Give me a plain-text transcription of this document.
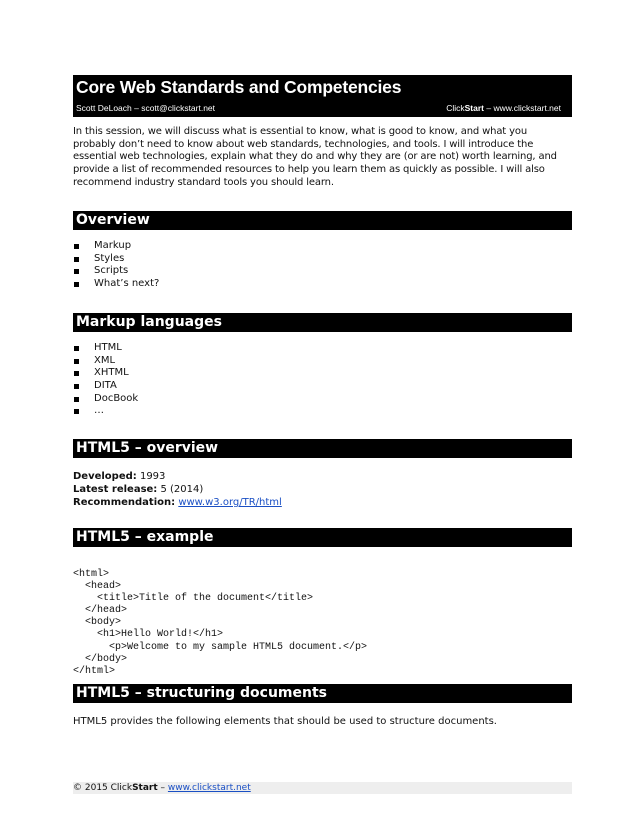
Core Web Standards and Competencies
Scott DeLoach – scott@clickstart.net	ClickStart – www.clickstart.net

In this session, we will discuss what is essential to know, what is good to know, and what you probably don’t need to know about web standards, technologies, and tools. I will introduce the essential web technologies, explain what they do and why they are (or are not) worth learning, and provide a list of recommended resources to help you learn them as quickly as possible. I will also recommend industry standard tools you should learn.

Overview
Markup
Styles
Scripts
What’s next?
Markup languages
HTML
XML
XHTML
DITA
DocBook
…
HTML5 – overview
Developed: 1993
Latest release: 5 (2014)
Recommendation: www.w3.org/TR/html
HTML5 – example
<html>
<head>
<title>Title of the document</title>
</head>
<body>
<h1>Hello World!</h1>
<p>Welcome to my sample HTML5 document.</p>
</body>
</html>
HTML5 – structuring documents
HTML5 provides the following elements that should be used to structure documents.
© 2015 ClickStart – www.clickstart.net
